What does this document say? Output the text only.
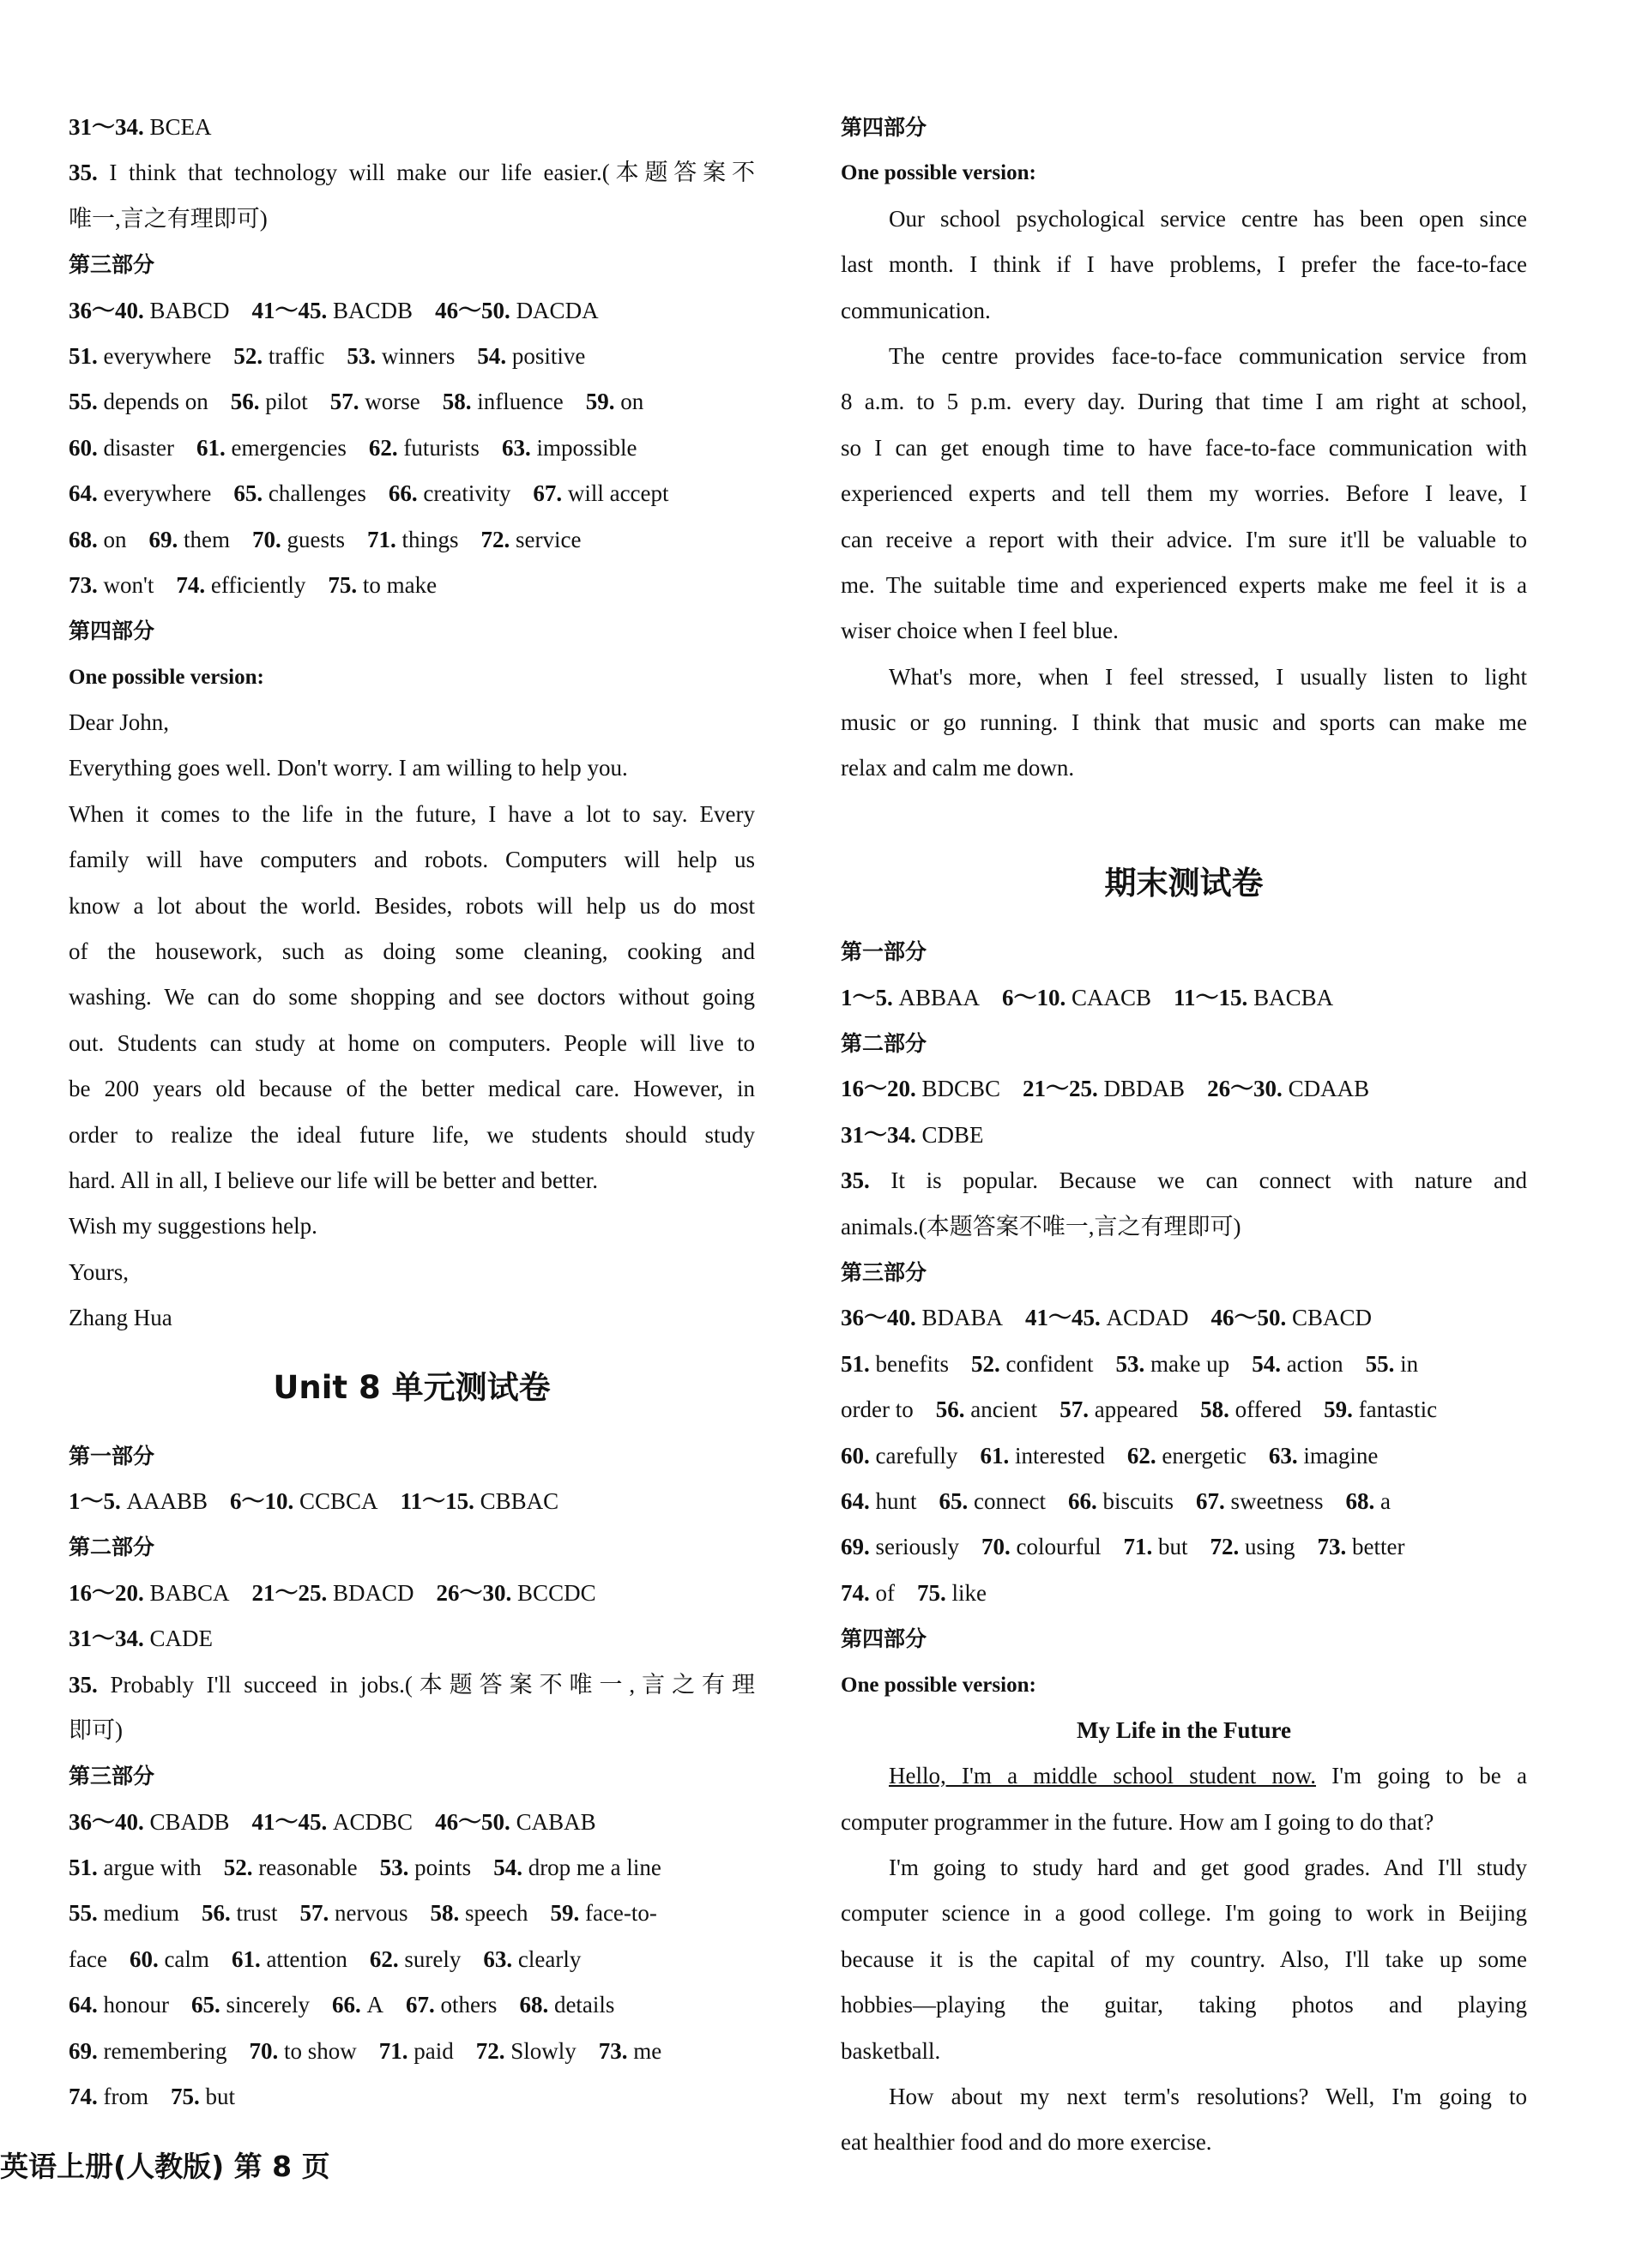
31～34. BCEA
35. I think that technology will make our life easier.(本题答案不
唯一,言之有理即可)
第三部分
36～40. BABCD 41～45. BACDB 46～50. DACDA
51. everywhere 52. traffic 53. winners 54. positive
55. depends on 56. pilot 57. worse 58. influence 59. on
60. disaster 61. emergencies 62. futurists 63. impossible
64. everywhere 65. challenges 66. creativity 67. will accept
68. on 69. them 70. guests 71. things 72. service
73. won't 74. efficiently 75. to make
第四部分
One possible version:
Dear John,
Everything goes well. Don't worry. I am willing to help you.
When it comes to the life in the future, I have a lot to say. Every
family will have computers and robots. Computers will help us
know a lot about the world. Besides, robots will help us do most
of the housework, such as doing some cleaning, cooking and
washing. We can do some shopping and see doctors without going
out. Students can study at home on computers. People will live to
be 200 years old because of the better medical care. However, in
order to realize the ideal future life, we students should study
hard. All in all, I believe our life will be better and better.
Wish my suggestions help.
Yours,
Zhang Hua
Unit 8 单元测试卷
第一部分
1～5. AAABB 6～10. CCBCA 11～15. CBBAC
第二部分
16～20. BABCA 21～25. BDACD 26～30. BCCDC
31～34. CADE
35. Probably I'll succeed in jobs.(本题答案不唯一,言之有理
即可)
第三部分
36～40. CBADB 41～45. ACDBC 46～50. CABAB
51. argue with 52. reasonable 53. points 54. drop me a line
55. medium 56. trust 57. nervous 58. speech 59. face-to-
face 60. calm 61. attention 62. surely 63. clearly
64. honour 65. sincerely 66. A 67. others 68. details
69. remembering 70. to show 71. paid 72. Slowly 73. me
74. from 75. but
第四部分
One possible version:
Our school psychological service centre has been open since
last month. I think if I have problems, I prefer the face-to-face
communication.
The centre provides face-to-face communication service from
8 a.m. to 5 p.m. every day. During that time I am right at school,
so I can get enough time to have face-to-face communication with
experienced experts and tell them my worries. Before I leave, I
can receive a report with their advice. I'm sure it'll be valuable to
me. The suitable time and experienced experts make me feel it is a
wiser choice when I feel blue.
What's more, when I feel stressed, I usually listen to light
music or go running. I think that music and sports can make me
relax and calm me down.
期末测试卷
第一部分
1～5. ABBAA 6～10. CAACB 11～15. BACBA
第二部分
16～20. BDCBC 21～25. DBDAB 26～30. CDAAB
31～34. CDBE
35. It is popular. Because we can connect with nature and
animals.(本题答案不唯一,言之有理即可)
第三部分
36～40. BDABA 41～45. ACDAD 46～50. CBACD
51. benefits 52. confident 53. make up 54. action 55. in
order to 56. ancient 57. appeared 58. offered 59. fantastic
60. carefully 61. interested 62. energetic 63. imagine
64. hunt 65. connect 66. biscuits 67. sweetness 68. a
69. seriously 70. colourful 71. but 72. using 73. better
74. of 75. like
第四部分
One possible version:
My Life in the Future
Hello, I'm a middle school student now. I'm going to be a
computer programmer in the future. How am I going to do that?
I'm going to study hard and get good grades. And I'll study
computer science in a good college. I'm going to work in Beijing
because it is the capital of my country. Also, I'll take up some
hobbies—playing the guitar, taking photos and playing
basketball.
How about my next term's resolutions? Well, I'm going to
eat healthier food and do more exercise.
英语上册(人教版) 第 8 页
